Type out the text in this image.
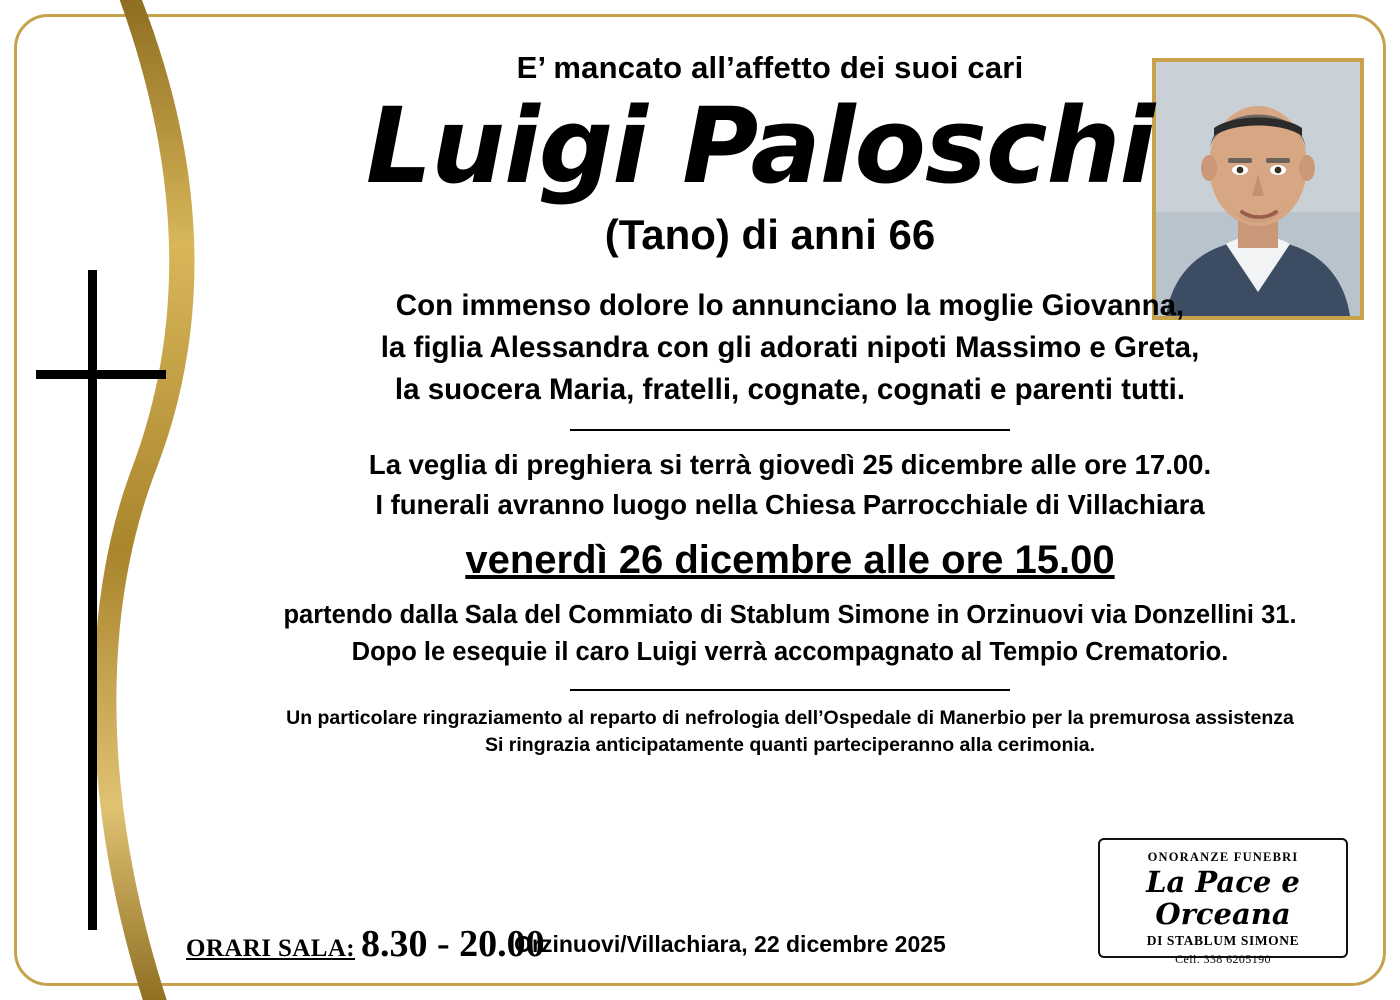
E’ mancato all’affetto dei suoi cari
Luigi Paloschi
(Tano) di anni 66
Con immenso dolore lo annunciano la moglie Giovanna,
la figlia Alessandra con gli adorati nipoti Massimo e Greta,
la suocera Maria, fratelli, cognate, cognati e parenti tutti.
La veglia di preghiera si terrà giovedì 25 dicembre alle ore 17.00.
I funerali avranno luogo nella Chiesa Parrocchiale di Villachiara
venerdì 26 dicembre alle ore 15.00
partendo dalla Sala del Commiato di Stablum Simone in Orzinuovi via Donzellini 31.
Dopo le esequie il caro Luigi verrà accompagnato al Tempio Crematorio.
Un particolare ringraziamento al reparto di nefrologia dell’Ospedale di Manerbio per la premurosa assistenza
Si ringrazia anticipatamente quanti parteciperanno alla cerimonia.
ORARI SALA: 8.30 - 20.00
Orzinuovi/Villachiara, 22 dicembre 2025
ONORANZE FUNEBRI
La Pace e Orceana
DI STABLUM SIMONE
Cell. 338 6205190
